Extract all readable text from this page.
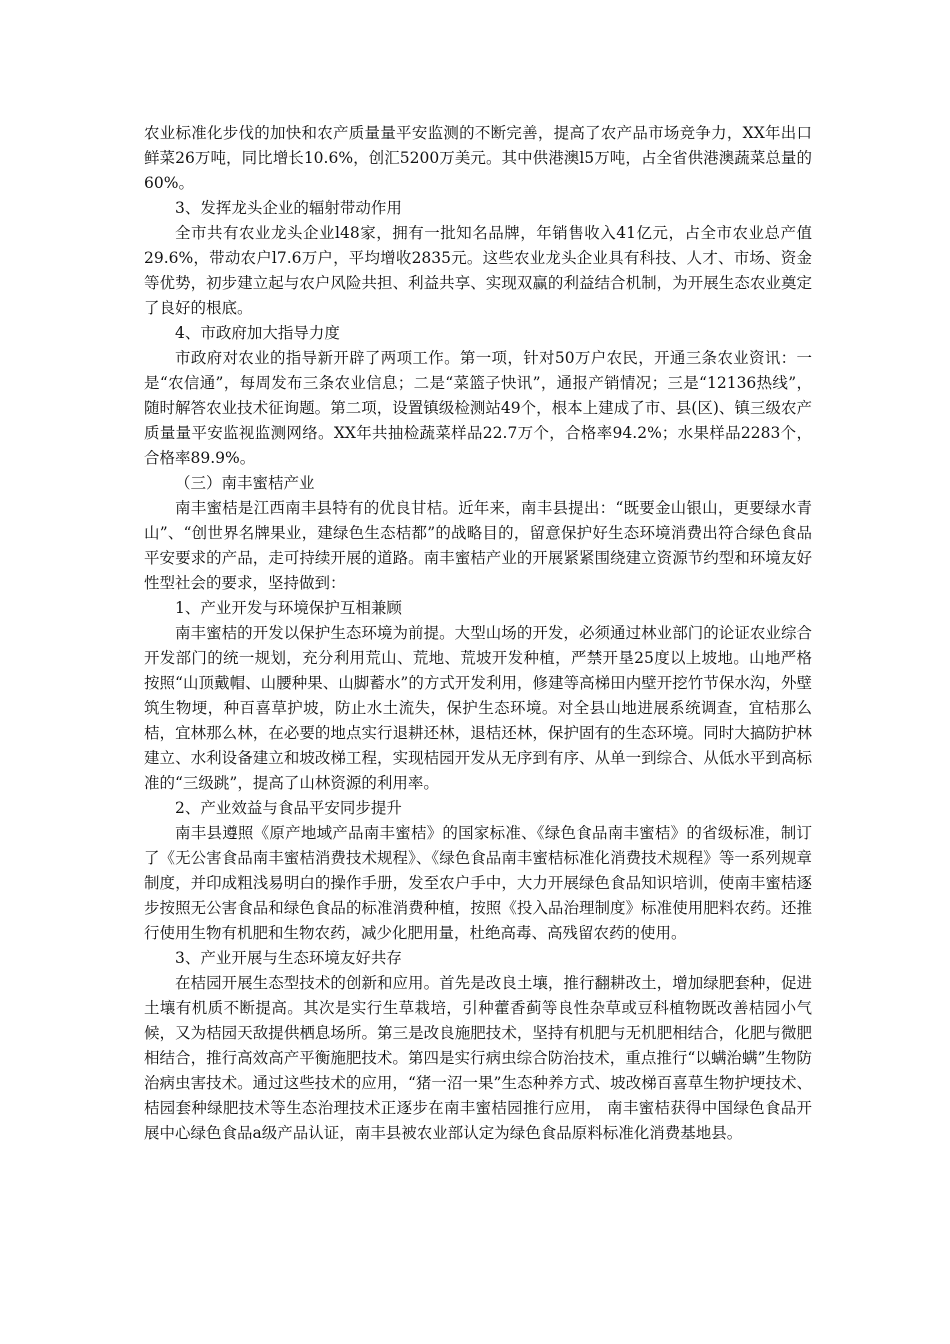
农业标准化步伐的加快和农产质量量平安监测的不断完善，提高了农产品市场竞争力，XX年出口鲜菜26万吨，同比增长10.6%，创汇5200万美元。其中供港澳l5万吨，占全省供港澳蔬菜总量的60%。

3、发挥龙头企业的辐射带动作用

全市共有农业龙头企业l48家，拥有一批知名品牌，年销售收入41亿元，占全市农业总产值29.6%，带动农户l7.6万户，平均增收2835元。这些农业龙头企业具有科技、人才、市场、资金等优势，初步建立起与农户风险共担、利益共享、实现双赢的利益结合机制，为开展生态农业奠定了良好的根底。

4、市政府加大指导力度

市政府对农业的指导新开辟了两项工作。第一项，针对50万户农民，开通三条农业资讯：一是“农信通”，每周发布三条农业信息；二是“菜篮子快讯”，通报产销情况；三是“12136热线”，随时解答农业技术征询题。第二项，设置镇级检测站49个，根本上建成了市、县(区)、镇三级农产质量量平安监视监测网络。XX年共抽检蔬菜样品22.7万个，合格率94.2%；水果样品2283个，合格率89.9%。

（三）南丰蜜桔产业

南丰蜜桔是江西南丰县特有的优良甘桔。近年来，南丰县提出：“既要金山银山，更要绿水青山”、“创世界名牌果业，建绿色生态桔都”的战略目的，留意保护好生态环境消费出符合绿色食品平安要求的产品，走可持续开展的道路。南丰蜜桔产业的开展紧紧围绕建立资源节约型和环境友好性型社会的要求，坚持做到：

1、产业开发与环境保护互相兼顾

南丰蜜桔的开发以保护生态环境为前提。大型山场的开发，必须通过林业部门的论证农业综合开发部门的统一规划，充分利用荒山、荒地、荒坡开发种植，严禁开垦25度以上坡地。山地严格按照“山顶戴帽、山腰种果、山脚蓄水”的方式开发利用，修建等高梯田内壁开挖竹节保水沟，外壁筑生物埂，种百喜草护坡，防止水土流失，保护生态环境。对全县山地进展系统调查，宜桔那么桔，宜林那么林，在必要的地点实行退耕还林，退桔还林，保护固有的生态环境。同时大搞防护林建立、水利设备建立和坡改梯工程，实现桔园开发从无序到有序、从单一到综合、从低水平到高标准的“三级跳”，提高了山林资源的利用率。

2、产业效益与食品平安同步提升

南丰县遵照《原产地域产品南丰蜜桔》的国家标准、《绿色食品南丰蜜桔》的省级标准，制订了《无公害食品南丰蜜桔消费技术规程》、《绿色食品南丰蜜桔标准化消费技术规程》等一系列规章制度，并印成粗浅易明白的操作手册，发至农户手中，大力开展绿色食品知识培训，使南丰蜜桔逐步按照无公害食品和绿色食品的标准消费种植，按照《投入品治理制度》标准使用肥料农药。还推行使用生物有机肥和生物农药，减少化肥用量，杜绝高毒、高残留农药的使用。

3、产业开展与生态环境友好共存

在桔园开展生态型技术的创新和应用。首先是改良土壤，推行翻耕改土，增加绿肥套种，促进土壤有机质不断提高。其次是实行生草栽培，引种藿香蓟等良性杂草或豆科植物既改善桔园小气候，又为桔园天敌提供栖息场所。第三是改良施肥技术，坚持有机肥与无机肥相结合，化肥与微肥相结合，推行高效高产平衡施肥技术。第四是实行病虫综合防治技术，重点推行“以螨治螨”生物防治病虫害技术。通过这些技术的应用，“猪一沼一果”生态种养方式、坡改梯百喜草生物护埂技术、桔园套种绿肥技术等生态治理技术正逐步在南丰蜜桔园推行应用， 南丰蜜桔获得中国绿色食品开展中心绿色食品a级产品认证，南丰县被农业部认定为绿色食品原料标准化消费基地县。
